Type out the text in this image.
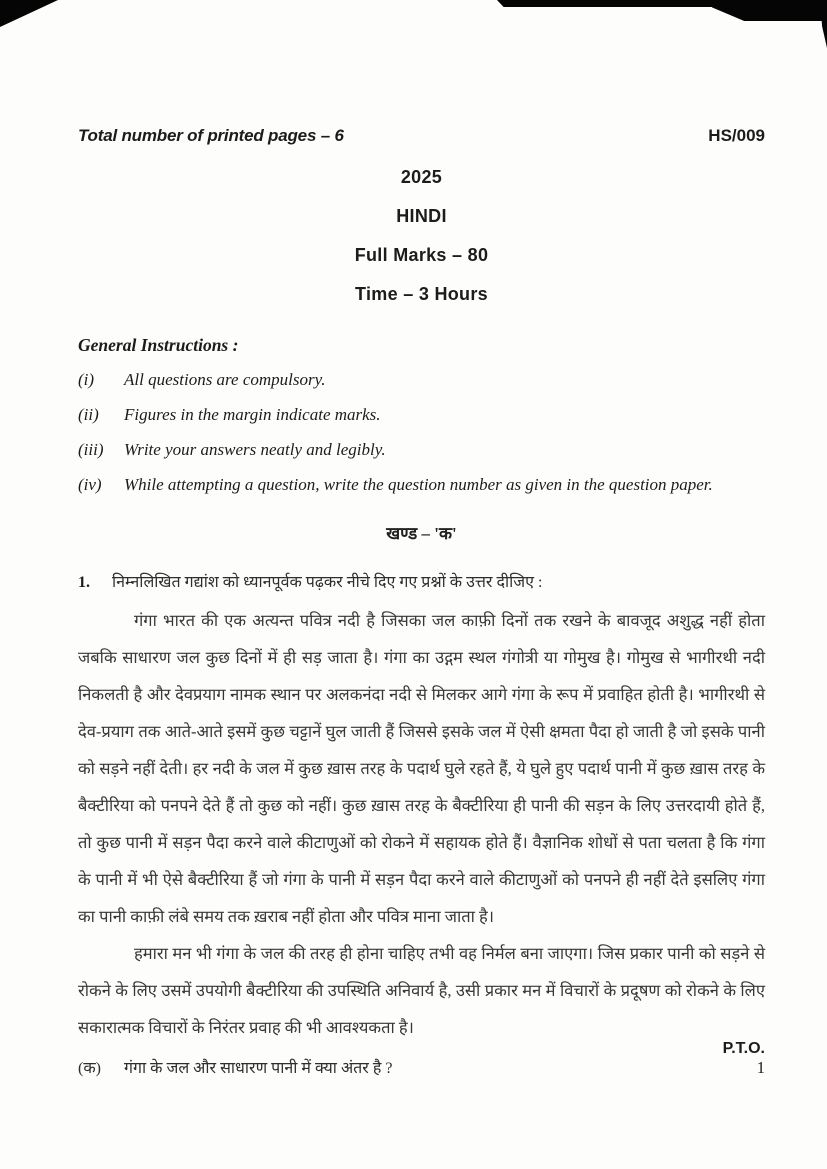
Total number of printed pages – 6	HS/009
2025
HINDI
Full Marks – 80
Time – 3 Hours
General Instructions :
(i)	All questions are compulsory.
(ii)	Figures in the margin indicate marks.
(iii)	Write your answers neatly and legibly.
(iv)	While attempting a question, write the question number as given in the question paper.
खण्ड – 'क'
1.	निम्नलिखित गद्यांश को ध्यानपूर्वक पढ़कर नीचे दिए गए प्रश्नों के उत्तर दीजिए :

गंगा भारत की एक अत्यन्त पवित्र नदी है जिसका जल काफ़ी दिनों तक रखने के बावजूद अशुद्ध नहीं होता जबकि साधारण जल कुछ दिनों में ही सड़ जाता है। गंगा का उद्गम स्थल गंगोत्री या गोमुख है। गोमुख से भागीरथी नदी निकलती है और देवप्रयाग नामक स्थान पर अलकनंदा नदी से मिलकर आगे गंगा के रूप में प्रवाहित होती है। भागीरथी से देव-प्रयाग तक आते-आते इसमें कुछ चट्टानें घुल जाती हैं जिससे इसके जल में ऐसी क्षमता पैदा हो जाती है जो इसके पानी को सड़ने नहीं देती। हर नदी के जल में कुछ ख़ास तरह के पदार्थ घुले रहते हैं, ये घुले हुए पदार्थ पानी में कुछ ख़ास तरह के बैक्टीरिया को पनपने देते हैं तो कुछ को नहीं। कुछ ख़ास तरह के बैक्टीरिया ही पानी की सड़न के लिए उत्तरदायी होते हैं, तो कुछ पानी में सड़न पैदा करने वाले कीटाणुओं को रोकने में सहायक होते हैं। वैज्ञानिक शोधों से पता चलता है कि गंगा के पानी में भी ऐसे बैक्टीरिया हैं जो गंगा के पानी में सड़न पैदा करने वाले कीटाणुओं को पनपने ही नहीं देते इसलिए गंगा का पानी काफ़ी लंबे समय तक ख़राब नहीं होता और पवित्र माना जाता है।

हमारा मन भी गंगा के जल की तरह ही होना चाहिए तभी वह निर्मल बना जाएगा। जिस प्रकार पानी को सड़ने से रोकने के लिए उसमें उपयोगी बैक्टीरिया की उपस्थिति अनिवार्य है, उसी प्रकार मन में विचारों के प्रदूषण को रोकने के लिए सकारात्मक विचारों के निरंतर प्रवाह की भी आवश्यकता है।

(क)	गंगा के जल और साधारण पानी में क्या अंतर है ?	1
P.T.O.
